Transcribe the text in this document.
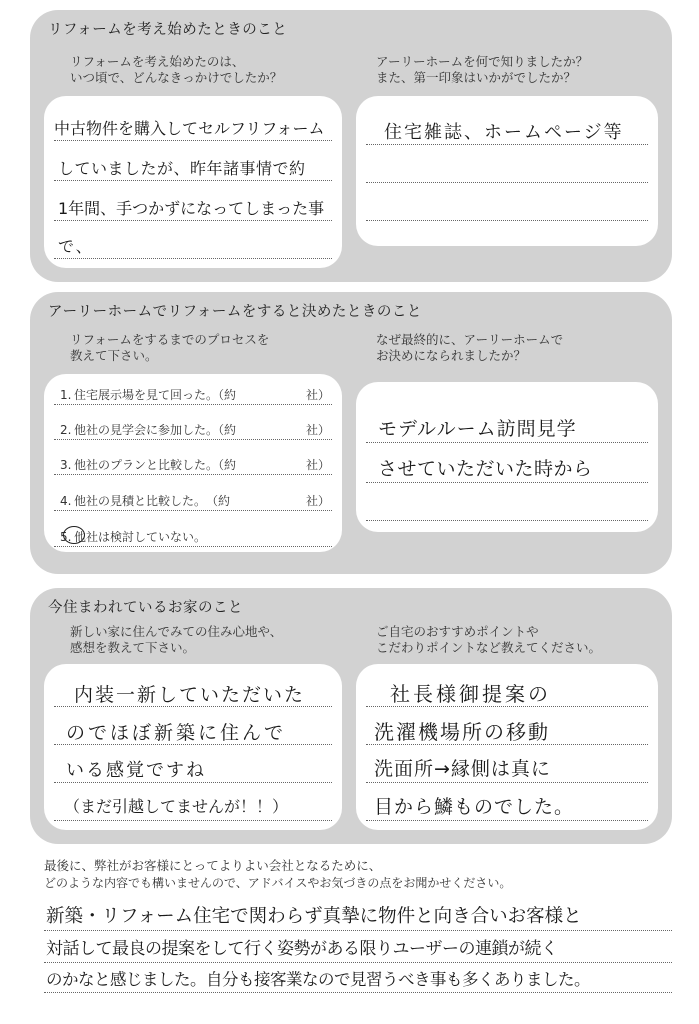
リフォームを考え始めたときのこと
リフォームを考え始めたのは、
いつ頃で、どんなきっかけでしたか？
アーリーホームを何で知りましたか？
また、第一印象はいかがでしたか？
中古物件を購入してセルフリフォーム
していましたが、昨年諸事情で約
1年間、手つかずになってしまった事
で、
住宅雑誌、ホームページ等
アーリーホームでリフォームをすると決めたときのこと
リフォームをするまでのプロセスを
教えて下さい。
なぜ最終的に、アーリーホームで
お決めになられましたか？
1. 住宅展示場を見て回った。（約	社）
2. 他社の見学会に参加した。（約	社）
3. 他社のプランと比較した。（約	社）
4. 他社の見積と比較した。　（約	社）
5. 他社は検討していない。
モデルルーム訪問見学
させていただいた時から
今住まわれているお家のこと
新しい家に住んでみての住み心地や、
感想を教えて下さい。
ご自宅のおすすめポイントや
こだわりポイントなど教えてください。
内装一新していただいた
のでほぼ新築に住んで
いる感覚ですね
（まだ引越してませんが！！）
社長様御提案の
洗濯機場所の移動
洗面所→縁側は真に
目から鱗ものでした。
最後に、弊社がお客様にとってよりよい会社となるために、
どのような内容でも構いませんので、アドバイスやお気づきの点をお聞かせください。
新築・リフォーム住宅で関わらず真摯に物件と向き合いお客様と
対話して最良の提案をして行く姿勢がある限りユーザーの連鎖が続く
のかなと感じました。自分も接客業なので見習うべき事も多くありました。
